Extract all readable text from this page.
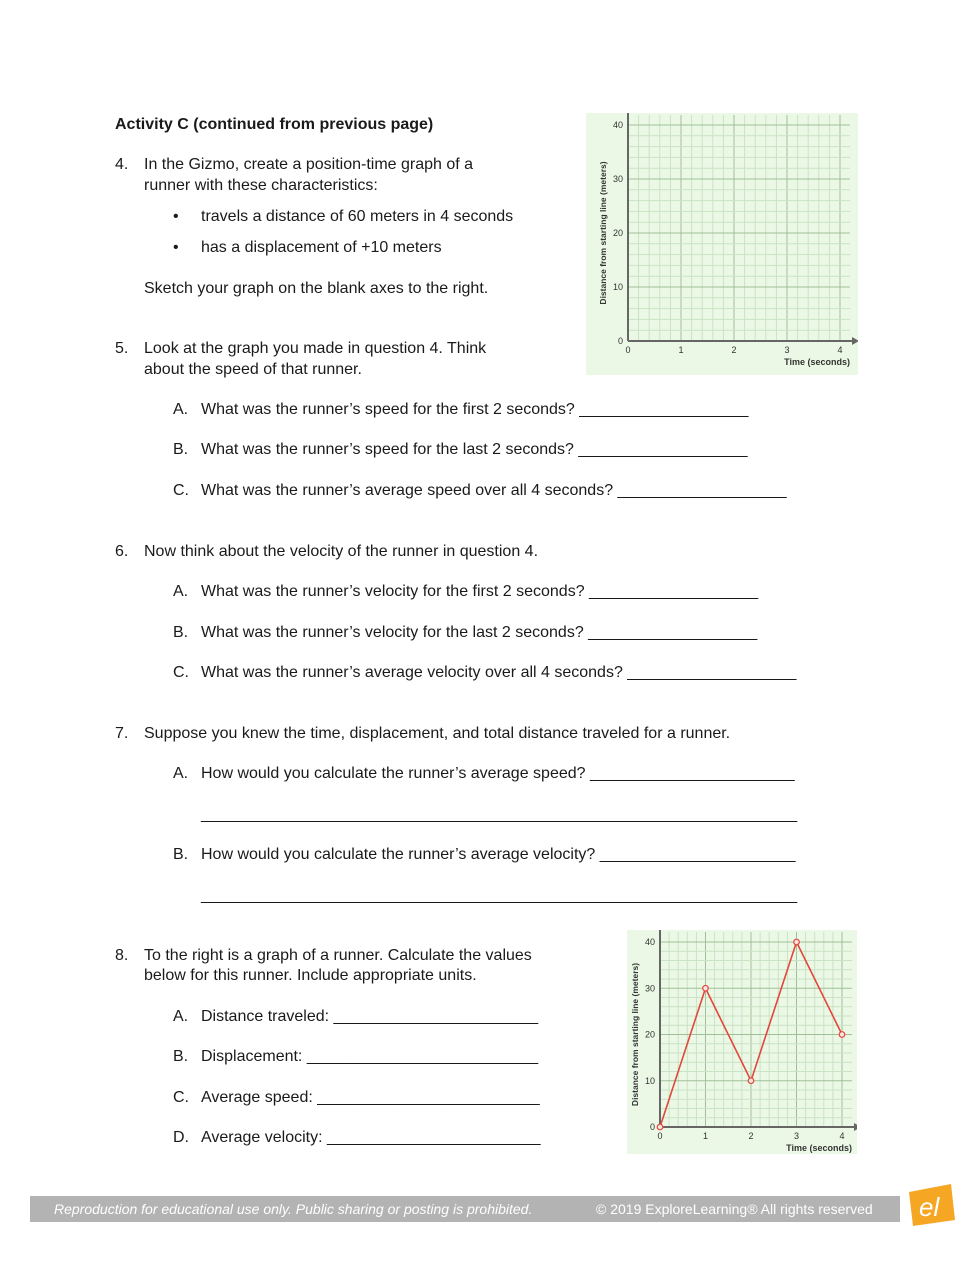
Activity C (continued from previous page)
4. In the Gizmo, create a position-time graph of a
runner with these characteristics:
• travels a distance of 60 meters in 4 seconds
• has a displacement of +10 meters
Sketch your graph on the blank axes to the right.
0	1	2	3	4
0
10
20
30
40
Time (seconds)
Distance from starting line (meters)
5. Look at the graph you made in question 4. Think
about the speed of that runner.
A. What was the runner’s speed for the first 2 seconds? ___________________
B. What was the runner’s speed for the last 2 seconds? ___________________
C. What was the runner’s average speed over all 4 seconds? ___________________
6. Now think about the velocity of the runner in question 4.
A. What was the runner’s velocity for the first 2 seconds? ___________________
B. What was the runner’s velocity for the last 2 seconds? ___________________
C. What was the runner’s average velocity over all 4 seconds? ___________________
7. Suppose you knew the time, displacement, and total distance traveled for a runner.
A. How would you calculate the runner’s average speed? _______________________
___________________________________________________________________
B. How would you calculate the runner’s average velocity? ______________________
___________________________________________________________________
8. To the right is a graph of a runner. Calculate the values
below for this runner. Include appropriate units.
A. Distance traveled: _______________________
B. Displacement: __________________________
C. Average speed: _________________________
D. Average velocity: ________________________	0	1	2	3	4
0
10
20
30
40
Time (seconds)
Distance from starting line (meters)
Reproduction for educational use only. Public sharing or posting is prohibited.	© 2019 ExploreLearning® All rights reserved el
